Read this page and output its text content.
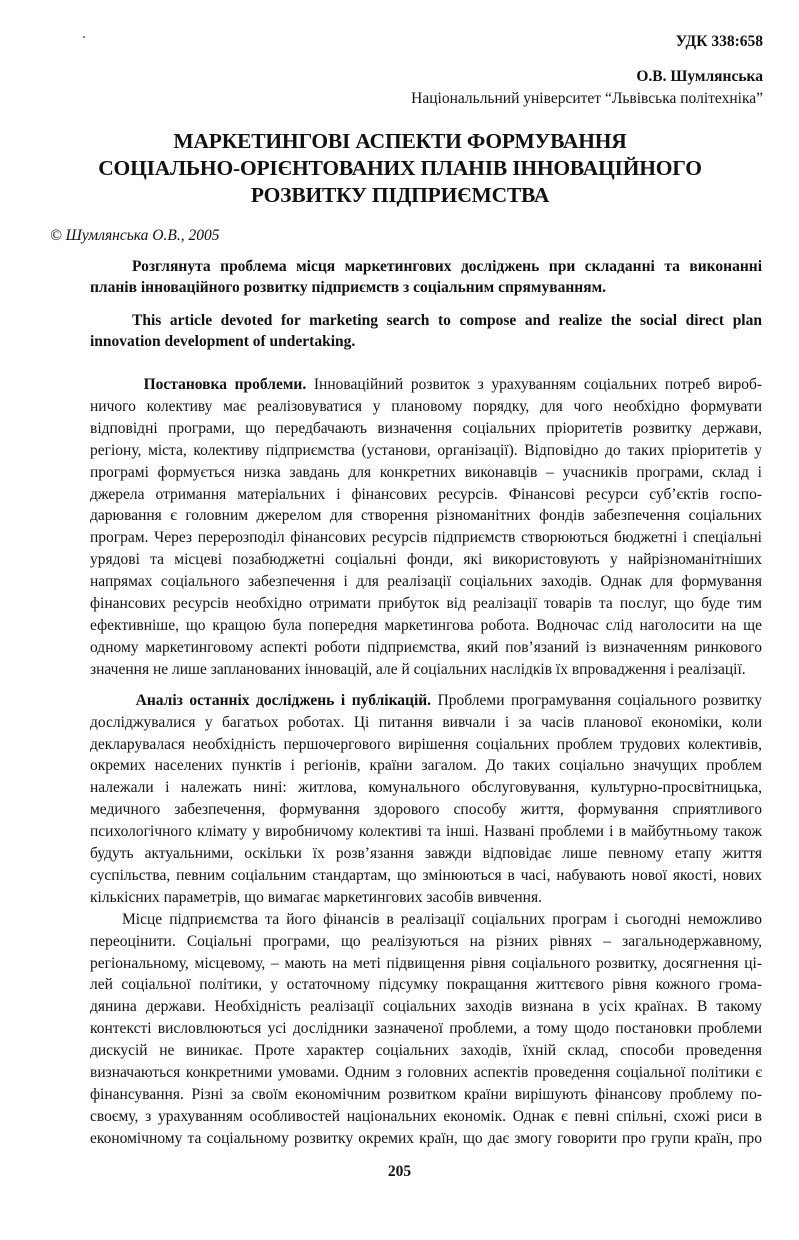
УДК 338:658
О.В. Шумлянська
Національльний університет “Львівська політехніка”
МАРКЕТИНГОВІ АСПЕКТИ ФОРМУВАННЯ
СОЦІАЛЬНО-ОРІЄНТОВАНИХ ПЛАНІВ ІННОВАЦІЙНОГО
РОЗВИТКУ ПІДПРИЄМСТВА
© Шумлянська О.В., 2005
Розглянута проблема місця маркетингових досліджень при складанні та виконанні планів інноваційного розвитку підприємств з соціальним спрямуванням.
This article devoted for marketing search to compose and realize the social direct plan innovation development of undertaking.
Постановка проблеми. Інноваційний розвиток з урахуванням соціальних потреб вироб-
ничого колективу має реалізовуватися у плановому порядку, для чого необхідно формувати
відповідні програми, що передбачають визначення соціальних пріоритетів розвитку держави,
регіону, міста, колективу підприємства (установи, організації). Відповідно до таких пріоритетів у
програмі формується низка завдань для конкретних виконавців – учасників програми, склад і
джерела отримання матеріальних і фінансових ресурсів. Фінансові ресурси суб’єктів госпо-
дарювання є головним джерелом для створення різноманітних фондів забезпечення соціальних
програм. Через перерозподіл фінансових ресурсів підприємств створюються бюджетні і спеціальні
урядові та місцеві позабюджетні соціальні фонди, які використовують у найрізноманітніших
напрямах соціального забезпечення і для реалізації соціальних заходів. Однак для формування
фінансових ресурсів необхідно отримати прибуток від реалізації товарів та послуг, що буде тим
ефективніше, що кращою була попередня маркетингова робота. Водночас слід наголосити на ще
одному маркетинговому аспекті роботи підприємства, який пов’язаний із визначенням ринкового
значення не лише запланованих інновацій, але й соціальних наслідків їх впровадження і реалізації.
Аналіз останніх досліджень і публікацій. Проблеми програмування соціального розвитку
досліджувалися у багатьох роботах. Ці питання вивчали і за часів планової економіки, коли
декларувалася необхідність першочергового вирішення соціальних проблем трудових колективів,
окремих населених пунктів і регіонів, країни загалом. До таких соціально значущих проблем
належали і належать нині: житлова, комунального обслуговування, культурно-просвітницька,
медичного забезпечення, формування здорового способу життя, формування сприятливого
психологічного клімату у виробничому колективі та інші. Названі проблеми і в майбутньому також
будуть актуальними, оскільки їх розв’язання завжди відповідає лише певному етапу життя
суспільства, певним соціальним стандартам, що змінюються в часі, набувають нової якості, нових
кількісних параметрів, що вимагає маркетингових засобів вивчення.
Місце підприємства та його фінансів в реалізації соціальних програм і сьогодні неможливо
переоцінити. Соціальні програми, що реалізуються на різних рівнях – загальнодержавному,
регіональному, місцевому, – мають на меті підвищення рівня соціального розвитку, досягнення ці-
лей соціальної політики, у остаточному підсумку покращання життєвого рівня кожного грома-
дянина держави. Необхідність реалізації соціальних заходів визнана в усіх країнах. В такому
контексті висловлюються усі дослідники зазначеної проблеми, а тому щодо постановки проблеми
дискусій не виникає. Проте характер соціальних заходів, їхній склад, способи проведення
визначаються конкретними умовами. Одним з головних аспектів проведення соціальної політики є
фінансування. Різні за своїм економічним розвитком країни вирішують фінансову проблему по-
своєму, з урахуванням особливостей національних економік. Однак є певні спільні, схожі риси в
економічному та соціальному розвитку окремих країн, що дає змогу говорити про групи країн, про
205
